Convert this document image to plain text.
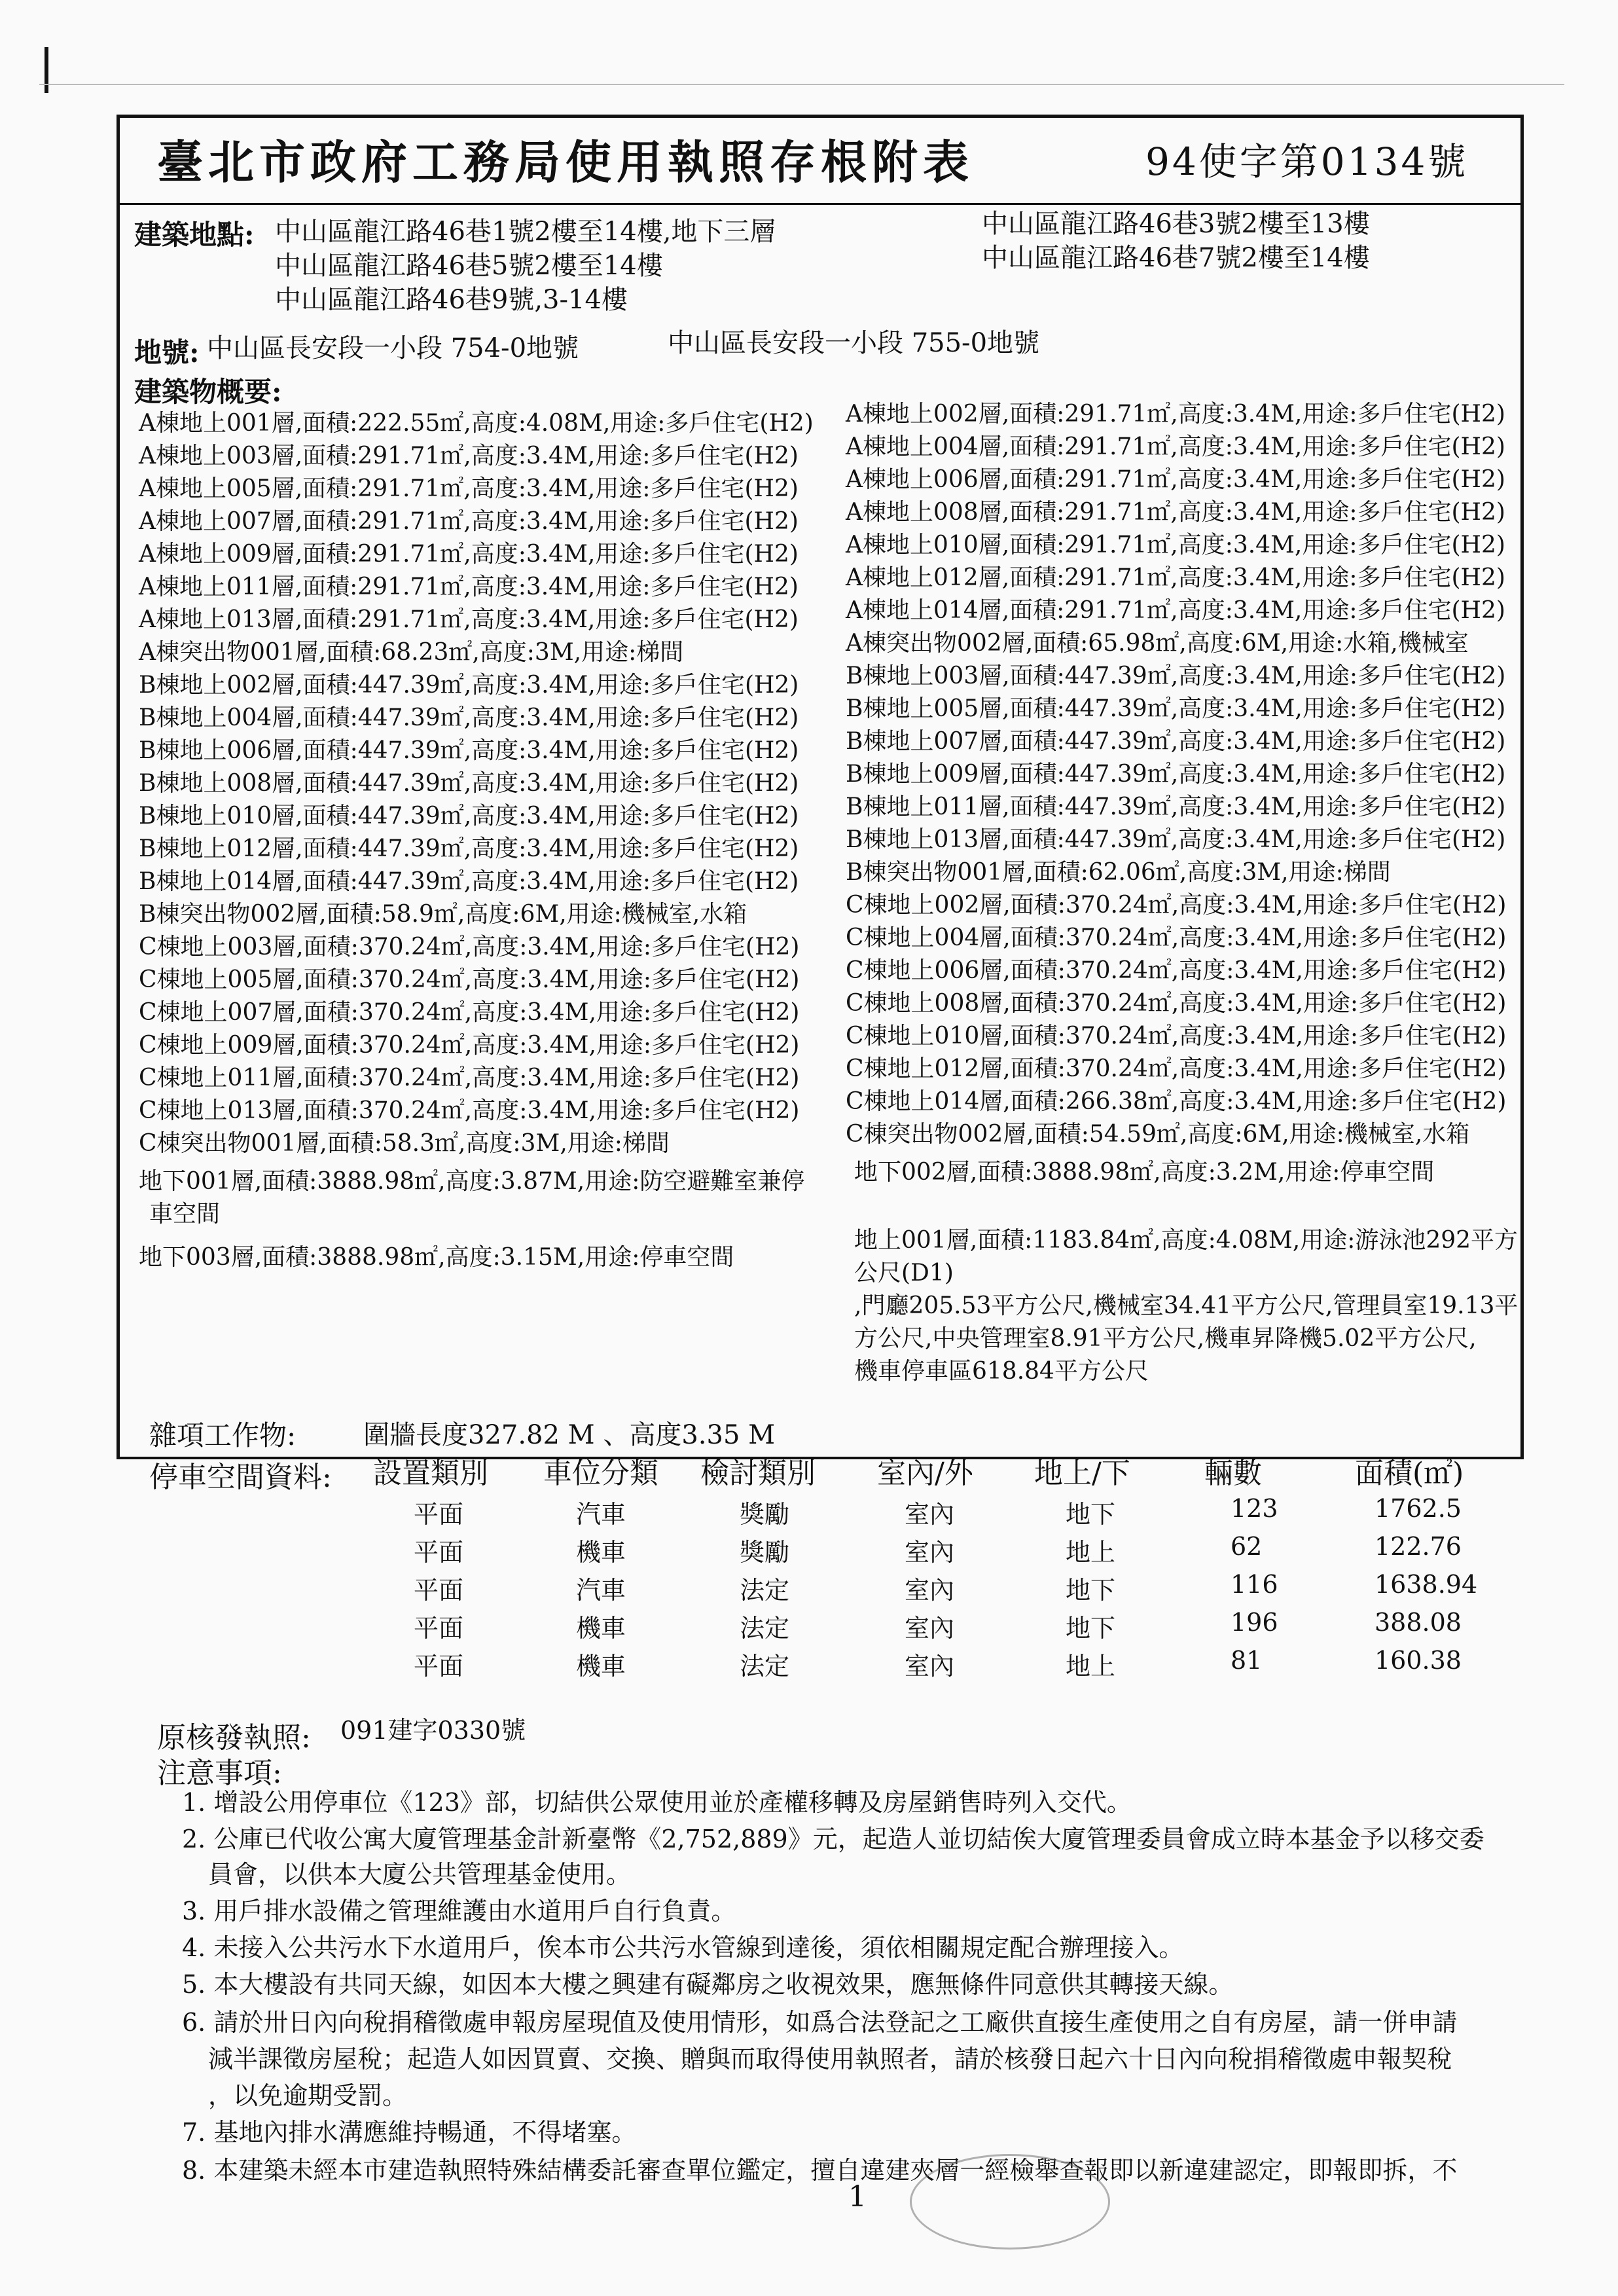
臺北市政府工務局使用執照存根附表	94使字第0134號
建築地點: 中山區龍江路46巷1號2樓至14樓,地下三層
中山區龍江路46巷5號2樓至14樓
中山區龍江路46巷9號,3-14樓
中山區龍江路46巷3號2樓至13樓
中山區龍江路46巷7號2樓至14樓
地號: 中山區長安段一小段 754-0地號	中山區長安段一小段 755-0地號
建築物概要:
A棟地上001層,面積:222.55㎡,高度:4.08M,用途:多戶住宅(H2)
A棟地上003層,面積:291.71㎡,高度:3.4M,用途:多戶住宅(H2)
A棟地上005層,面積:291.71㎡,高度:3.4M,用途:多戶住宅(H2)
A棟地上007層,面積:291.71㎡,高度:3.4M,用途:多戶住宅(H2)
A棟地上009層,面積:291.71㎡,高度:3.4M,用途:多戶住宅(H2)
A棟地上011層,面積:291.71㎡,高度:3.4M,用途:多戶住宅(H2)
A棟地上013層,面積:291.71㎡,高度:3.4M,用途:多戶住宅(H2)
A棟突出物001層,面積:68.23㎡,高度:3M,用途:梯間
B棟地上002層,面積:447.39㎡,高度:3.4M,用途:多戶住宅(H2)
B棟地上004層,面積:447.39㎡,高度:3.4M,用途:多戶住宅(H2)
B棟地上006層,面積:447.39㎡,高度:3.4M,用途:多戶住宅(H2)
B棟地上008層,面積:447.39㎡,高度:3.4M,用途:多戶住宅(H2)
B棟地上010層,面積:447.39㎡,高度:3.4M,用途:多戶住宅(H2)
B棟地上012層,面積:447.39㎡,高度:3.4M,用途:多戶住宅(H2)
B棟地上014層,面積:447.39㎡,高度:3.4M,用途:多戶住宅(H2)
B棟突出物002層,面積:58.9㎡,高度:6M,用途:機械室,水箱
C棟地上003層,面積:370.24㎡,高度:3.4M,用途:多戶住宅(H2)
C棟地上005層,面積:370.24㎡,高度:3.4M,用途:多戶住宅(H2)
C棟地上007層,面積:370.24㎡,高度:3.4M,用途:多戶住宅(H2)
C棟地上009層,面積:370.24㎡,高度:3.4M,用途:多戶住宅(H2)
C棟地上011層,面積:370.24㎡,高度:3.4M,用途:多戶住宅(H2)
C棟地上013層,面積:370.24㎡,高度:3.4M,用途:多戶住宅(H2)
C棟突出物001層,面積:58.3㎡,高度:3M,用途:梯間
地下001層,面積:3888.98㎡,高度:3.87M,用途:防空避難室兼停
車空間
地下003層,面積:3888.98㎡,高度:3.15M,用途:停車空間
A棟地上002層,面積:291.71㎡,高度:3.4M,用途:多戶住宅(H2)
A棟地上004層,面積:291.71㎡,高度:3.4M,用途:多戶住宅(H2)
A棟地上006層,面積:291.71㎡,高度:3.4M,用途:多戶住宅(H2)
A棟地上008層,面積:291.71㎡,高度:3.4M,用途:多戶住宅(H2)
A棟地上010層,面積:291.71㎡,高度:3.4M,用途:多戶住宅(H2)
A棟地上012層,面積:291.71㎡,高度:3.4M,用途:多戶住宅(H2)
A棟地上014層,面積:291.71㎡,高度:3.4M,用途:多戶住宅(H2)
A棟突出物002層,面積:65.98㎡,高度:6M,用途:水箱,機械室
B棟地上003層,面積:447.39㎡,高度:3.4M,用途:多戶住宅(H2)
B棟地上005層,面積:447.39㎡,高度:3.4M,用途:多戶住宅(H2)
B棟地上007層,面積:447.39㎡,高度:3.4M,用途:多戶住宅(H2)
B棟地上009層,面積:447.39㎡,高度:3.4M,用途:多戶住宅(H2)
B棟地上011層,面積:447.39㎡,高度:3.4M,用途:多戶住宅(H2)
B棟地上013層,面積:447.39㎡,高度:3.4M,用途:多戶住宅(H2)
B棟突出物001層,面積:62.06㎡,高度:3M,用途:梯間
C棟地上002層,面積:370.24㎡,高度:3.4M,用途:多戶住宅(H2)
C棟地上004層,面積:370.24㎡,高度:3.4M,用途:多戶住宅(H2)
C棟地上006層,面積:370.24㎡,高度:3.4M,用途:多戶住宅(H2)
C棟地上008層,面積:370.24㎡,高度:3.4M,用途:多戶住宅(H2)
C棟地上010層,面積:370.24㎡,高度:3.4M,用途:多戶住宅(H2)
C棟地上012層,面積:370.24㎡,高度:3.4M,用途:多戶住宅(H2)
C棟地上014層,面積:266.38㎡,高度:3.4M,用途:多戶住宅(H2)
C棟突出物002層,面積:54.59㎡,高度:6M,用途:機械室,水箱
地下002層,面積:3888.98㎡,高度:3.2M,用途:停車空間
地上001層,面積:1183.84㎡,高度:4.08M,用途:游泳池292平方
公尺(D1)
,門廳205.53平方公尺,機械室34.41平方公尺,管理員室19.13平
方公尺,中央管理室8.91平方公尺,機車昇降機5.02平方公尺,
機車停車區618.84平方公尺
雜項工作物:	圍牆長度327.82 M 、高度3.35 M
停車空間資料: 設置類別 車位分類 檢討類別 室內/外 地上/下	輛數	面積(㎡)
平面	汽車	獎勵	室內	地下	123	1762.5
平面	機車	獎勵	室內	地上	62	122.76
平面	汽車	法定	室內	地下	116	1638.94
平面	機車	法定	室內	地下	196	388.08
平面	機車	法定	室內	地上	81	160.38
原核發執照: 091建字0330號
注意事項:
1. 增設公用停車位《123》部，切結供公眾使用並於產權移轉及房屋銷售時列入交代。
2. 公庫已代收公寓大廈管理基金計新臺幣《2,752,889》元，起造人並切結俟大廈管理委員會成立時本基金予以移交委
員會，以供本大廈公共管理基金使用。
3. 用戶排水設備之管理維護由水道用戶自行負責。
4. 未接入公共污水下水道用戶，俟本市公共污水管線到達後，須依相關規定配合辦理接入。
5. 本大樓設有共同天線，如因本大樓之興建有礙鄰房之收視效果，應無條件同意供其轉接天線。
6. 請於卅日內向稅捐稽徵處申報房屋現值及使用情形，如爲合法登記之工廠供直接生產使用之自有房屋，請一併申請
減半課徵房屋稅；起造人如因買賣、交換、贈與而取得使用執照者，請於核發日起六十日內向稅捐稽徵處申報契稅
，以免逾期受罰。
7. 基地內排水溝應維持暢通，不得堵塞。
8. 本建築未經本市建造執照特殊結構委託審查單位鑑定，擅自違建夾層一經檢舉查報即以新違建認定，即報即拆，不
1
